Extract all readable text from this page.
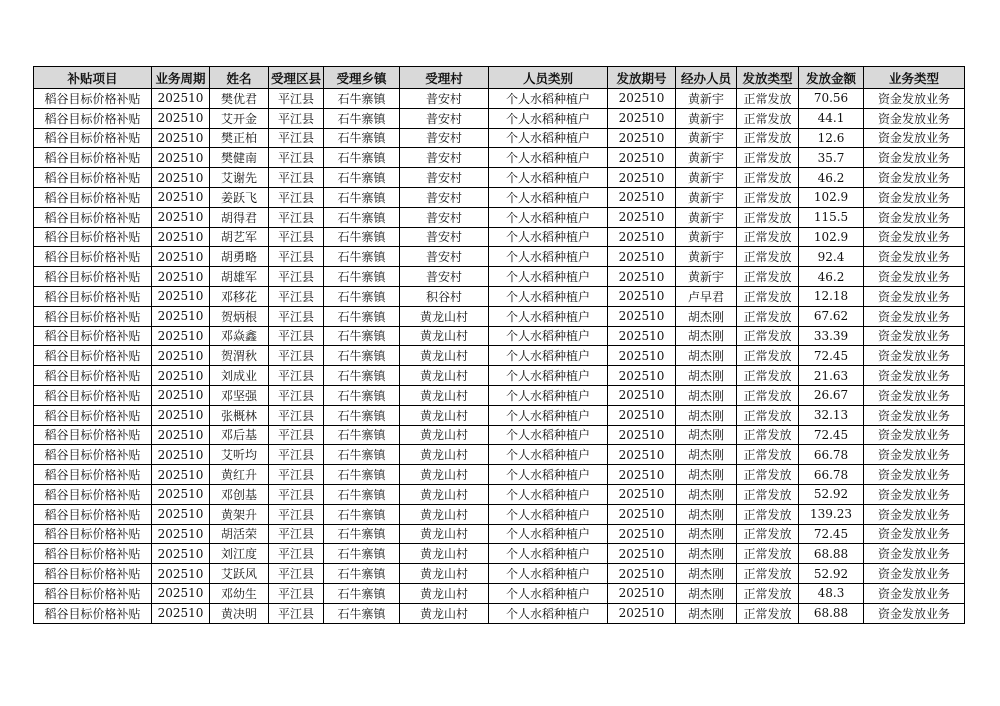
补贴项目	业务周期	姓名	受理区县	受理乡镇	受理村	人员类别	发放期号	经办人员	发放类型	发放金额	业务类型
稻谷目标价格补贴	202510	樊优君	平江县	石牛寨镇	普安村	个人水稻种植户	202510	黄新宇	正常发放	70.56	资金发放业务
稻谷目标价格补贴	202510	艾开金	平江县	石牛寨镇	普安村	个人水稻种植户	202510	黄新宇	正常发放	44.1	资金发放业务
稻谷目标价格补贴	202510	樊正柏	平江县	石牛寨镇	普安村	个人水稻种植户	202510	黄新宇	正常发放	12.6	资金发放业务
稻谷目标价格补贴	202510	樊健南	平江县	石牛寨镇	普安村	个人水稻种植户	202510	黄新宇	正常发放	35.7	资金发放业务
稻谷目标价格补贴	202510	艾谢先	平江县	石牛寨镇	普安村	个人水稻种植户	202510	黄新宇	正常发放	46.2	资金发放业务
稻谷目标价格补贴	202510	姜跃飞	平江县	石牛寨镇	普安村	个人水稻种植户	202510	黄新宇	正常发放	102.9	资金发放业务
稻谷目标价格补贴	202510	胡得君	平江县	石牛寨镇	普安村	个人水稻种植户	202510	黄新宇	正常发放	115.5	资金发放业务
稻谷目标价格补贴	202510	胡艺军	平江县	石牛寨镇	普安村	个人水稻种植户	202510	黄新宇	正常发放	102.9	资金发放业务
稻谷目标价格补贴	202510	胡勇略	平江县	石牛寨镇	普安村	个人水稻种植户	202510	黄新宇	正常发放	92.4	资金发放业务
稻谷目标价格补贴	202510	胡雄军	平江县	石牛寨镇	普安村	个人水稻种植户	202510	黄新宇	正常发放	46.2	资金发放业务
稻谷目标价格补贴	202510	邓移花	平江县	石牛寨镇	积谷村	个人水稻种植户	202510	卢早君	正常发放	12.18	资金发放业务
稻谷目标价格补贴	202510	贺炳根	平江县	石牛寨镇	黄龙山村	个人水稻种植户	202510	胡杰刚	正常发放	67.62	资金发放业务
稻谷目标价格补贴	202510	邓焱鑫	平江县	石牛寨镇	黄龙山村	个人水稻种植户	202510	胡杰刚	正常发放	33.39	资金发放业务
稻谷目标价格补贴	202510	贺渭秋	平江县	石牛寨镇	黄龙山村	个人水稻种植户	202510	胡杰刚	正常发放	72.45	资金发放业务
稻谷目标价格补贴	202510	刘成业	平江县	石牛寨镇	黄龙山村	个人水稻种植户	202510	胡杰刚	正常发放	21.63	资金发放业务
稻谷目标价格补贴	202510	邓坚强	平江县	石牛寨镇	黄龙山村	个人水稻种植户	202510	胡杰刚	正常发放	26.67	资金发放业务
稻谷目标价格补贴	202510	张概林	平江县	石牛寨镇	黄龙山村	个人水稻种植户	202510	胡杰刚	正常发放	32.13	资金发放业务
稻谷目标价格补贴	202510	邓后基	平江县	石牛寨镇	黄龙山村	个人水稻种植户	202510	胡杰刚	正常发放	72.45	资金发放业务
稻谷目标价格补贴	202510	艾听均	平江县	石牛寨镇	黄龙山村	个人水稻种植户	202510	胡杰刚	正常发放	66.78	资金发放业务
稻谷目标价格补贴	202510	黄红升	平江县	石牛寨镇	黄龙山村	个人水稻种植户	202510	胡杰刚	正常发放	66.78	资金发放业务
稻谷目标价格补贴	202510	邓创基	平江县	石牛寨镇	黄龙山村	个人水稻种植户	202510	胡杰刚	正常发放	52.92	资金发放业务
稻谷目标价格补贴	202510	黄架升	平江县	石牛寨镇	黄龙山村	个人水稻种植户	202510	胡杰刚	正常发放	139.23	资金发放业务
稻谷目标价格补贴	202510	胡活荣	平江县	石牛寨镇	黄龙山村	个人水稻种植户	202510	胡杰刚	正常发放	72.45	资金发放业务
稻谷目标价格补贴	202510	刘江度	平江县	石牛寨镇	黄龙山村	个人水稻种植户	202510	胡杰刚	正常发放	68.88	资金发放业务
稻谷目标价格补贴	202510	艾跃风	平江县	石牛寨镇	黄龙山村	个人水稻种植户	202510	胡杰刚	正常发放	52.92	资金发放业务
稻谷目标价格补贴	202510	邓幼生	平江县	石牛寨镇	黄龙山村	个人水稻种植户	202510	胡杰刚	正常发放	48.3	资金发放业务
稻谷目标价格补贴	202510	黄决明	平江县	石牛寨镇	黄龙山村	个人水稻种植户	202510	胡杰刚	正常发放	68.88	资金发放业务
